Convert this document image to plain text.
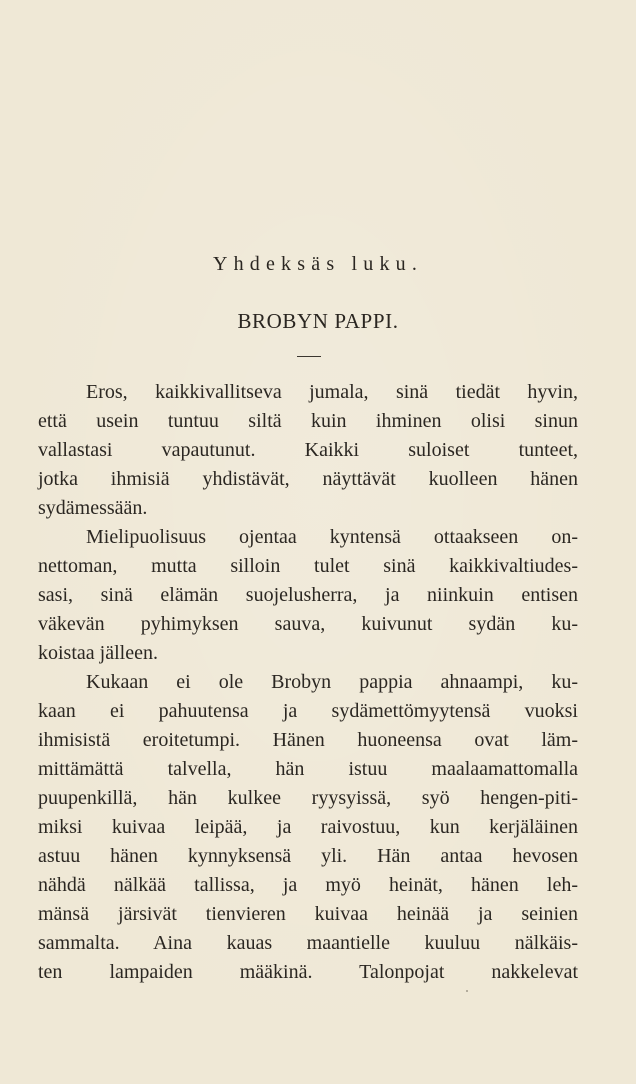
Yhdeksäs luku.
BROBYN PAPPI.
Eros, kaikkivallitseva jumala, sinä tiedät hyvin,
että usein tuntuu siltä kuin ihminen olisi sinun
vallastasi vapautunut. Kaikki suloiset tunteet,
jotka ihmisiä yhdistävät, näyttävät kuolleen hänen
sydämessään.
Mielipuolisuus ojentaa kyntensä ottaakseen on-
nettoman, mutta silloin tulet sinä kaikkivaltiudes-
sasi, sinä elämän suojelusherra, ja niinkuin entisen
väkevän pyhimyksen sauva, kuivunut sydän ku-
koistaa jälleen.
Kukaan ei ole Brobyn pappia ahnaampi, ku-
kaan ei pahuutensa ja sydämettömyytensä vuoksi
ihmisistä eroitetumpi. Hänen huoneensa ovat läm-
mittämättä talvella, hän istuu maalaamattomalla
puupenkillä, hän kulkee ryysyissä, syö hengen-piti-
miksi kuivaa leipää, ja raivostuu, kun kerjäläinen
astuu hänen kynnyksensä yli. Hän antaa hevosen
nähdä nälkää tallissa, ja myö heinät, hänen leh-
mänsä järsivät tienvieren kuivaa heinää ja seinien
sammalta. Aina kauas maantielle kuuluu nälkäis-
ten lampaiden määkinä. Talonpojat nakkelevat
